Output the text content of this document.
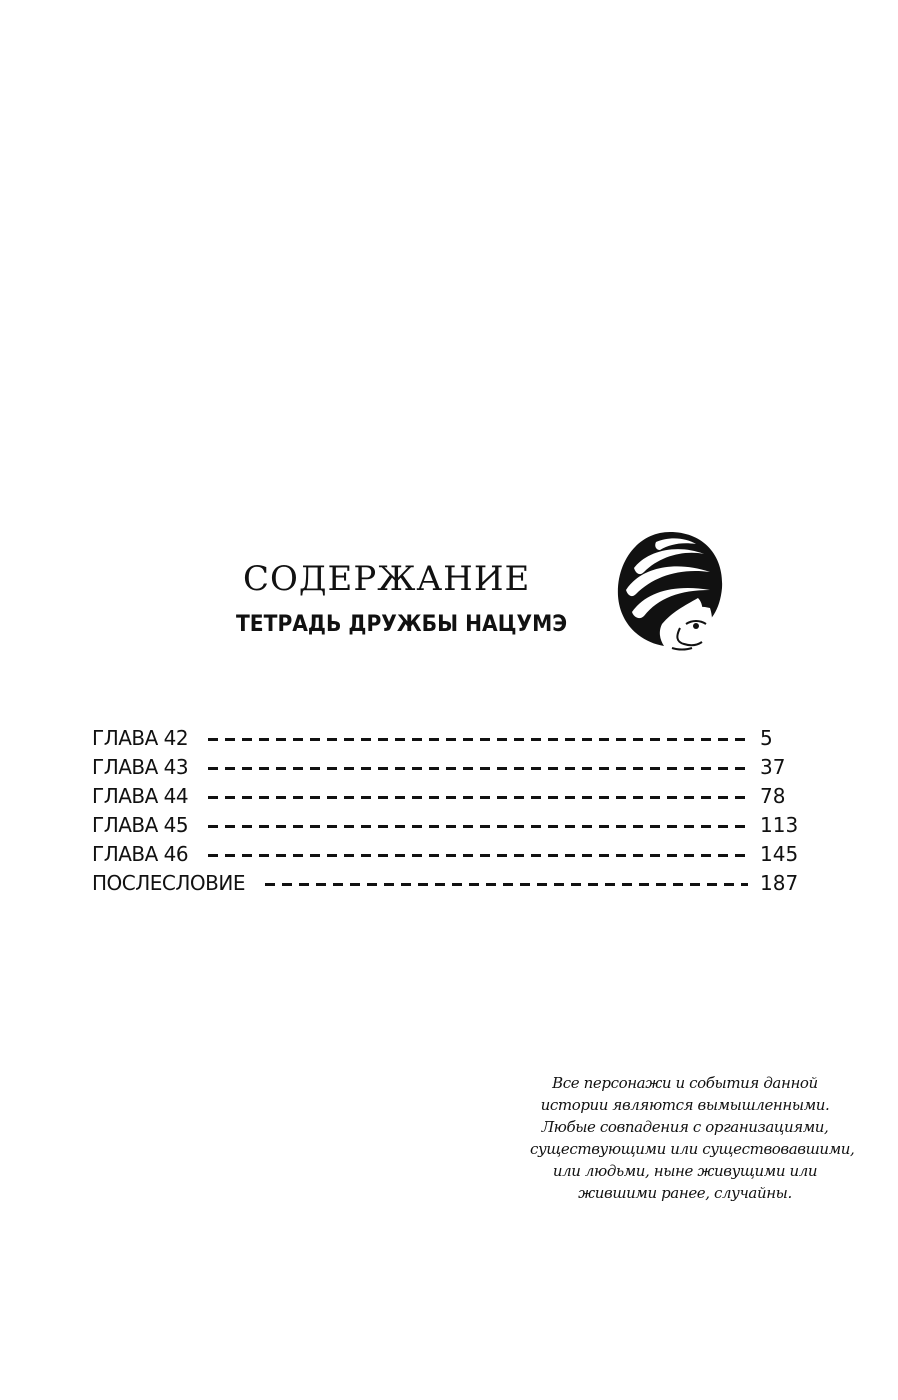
СОДЕРЖАНИЕ
ТЕТРАДЬ ДРУЖБЫ НАЦУМЭ
ГЛАВА 42	5
ГЛАВА 43	37
ГЛАВА 44	78
ГЛАВА 45	113
ГЛАВА 46	145
ПОСЛЕСЛОВИЕ	187
Все персонажи и события данной
истории являются вымышленными.
Любые совпадения с организациями,
существующими или существовавшими,
или людьми, ныне живущими или
жившими ранее, случайны.
